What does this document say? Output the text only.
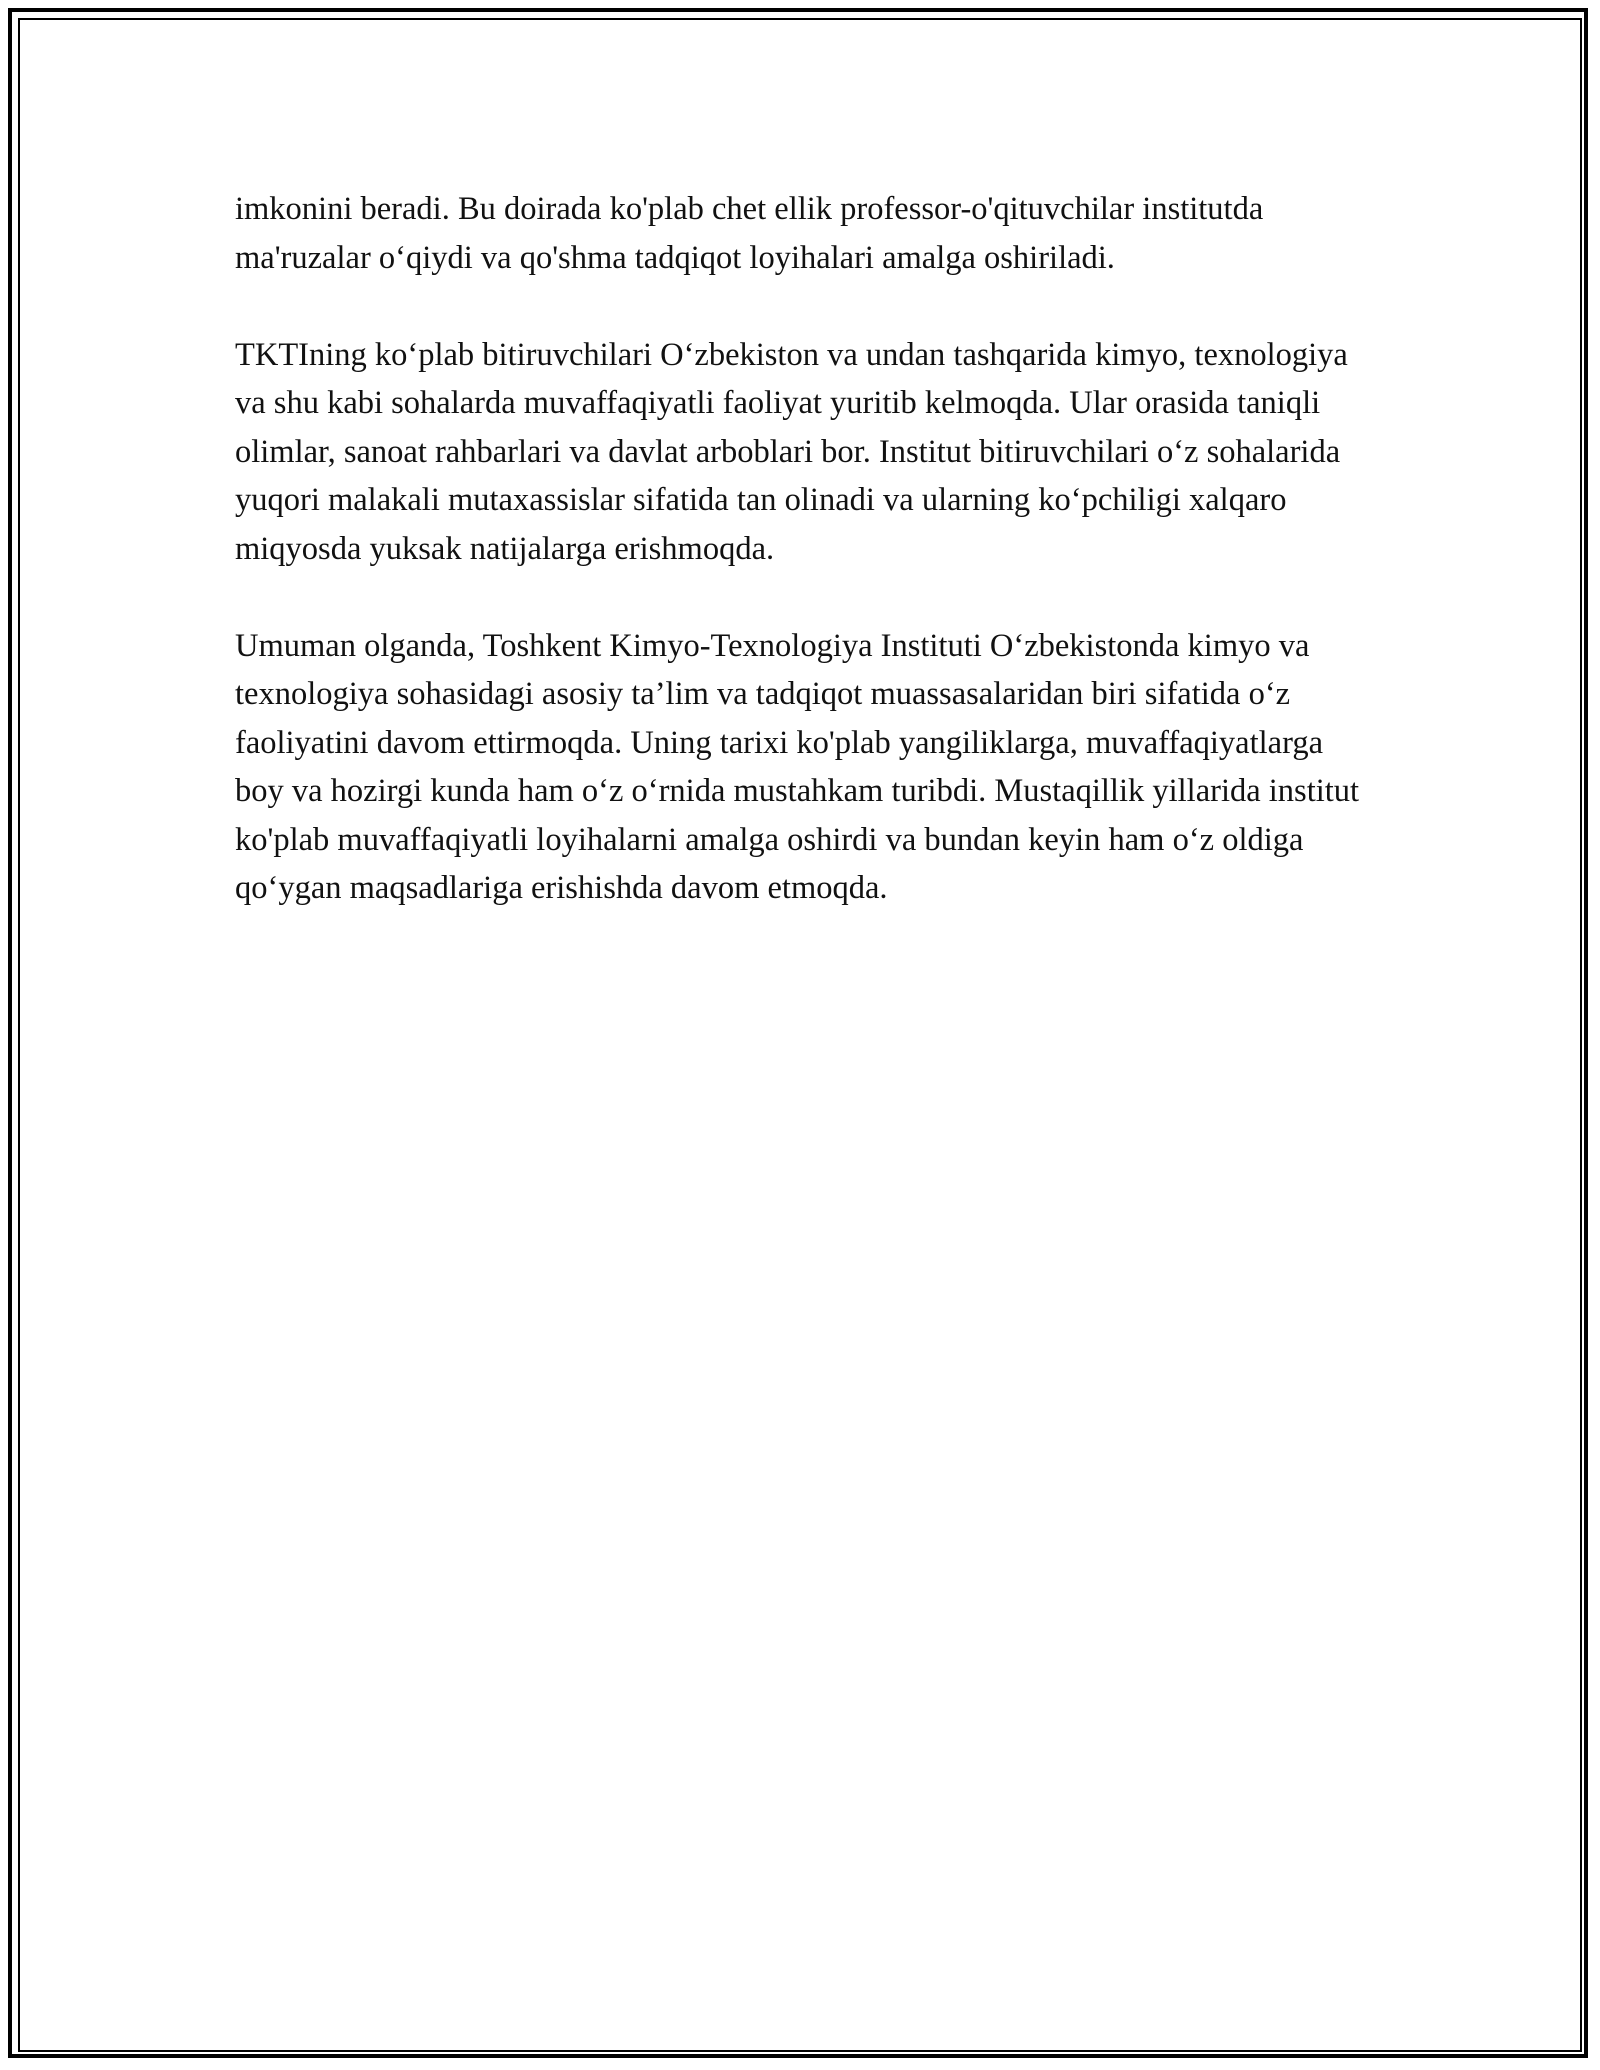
imkonini beradi. Bu doirada ko'plab chet ellik professor-o'qituvchilar institutda ma'ruzalar o‘qiydi va qo'shma tadqiqot loyihalari amalga oshiriladi.

TKTIning ko‘plab bitiruvchilari O‘zbekiston va undan tashqarida kimyo, texnologiya va shu kabi sohalarda muvaffaqiyatli faoliyat yuritib kelmoqda. Ular orasida taniqli olimlar, sanoat rahbarlari va davlat arboblari bor. Institut bitiruvchilari o‘z sohalarida yuqori malakali mutaxassislar sifatida tan olinadi va ularning ko‘pchiligi xalqaro miqyosda yuksak natijalarga erishmoqda.

Umuman olganda, Toshkent Kimyo-Texnologiya Instituti O‘zbekistonda kimyo va texnologiya sohasidagi asosiy ta’lim va tadqiqot muassasalaridan biri sifatida o‘z faoliyatini davom ettirmoqda. Uning tarixi ko'plab yangiliklarga, muvaffaqiyatlarga boy va hozirgi kunda ham o‘z o‘rnida mustahkam turibdi. Mustaqillik yillarida institut ko'plab muvaffaqiyatli loyihalarni amalga oshirdi va bundan keyin ham o‘z oldiga qo‘ygan maqsadlariga erishishda davom etmoqda.
